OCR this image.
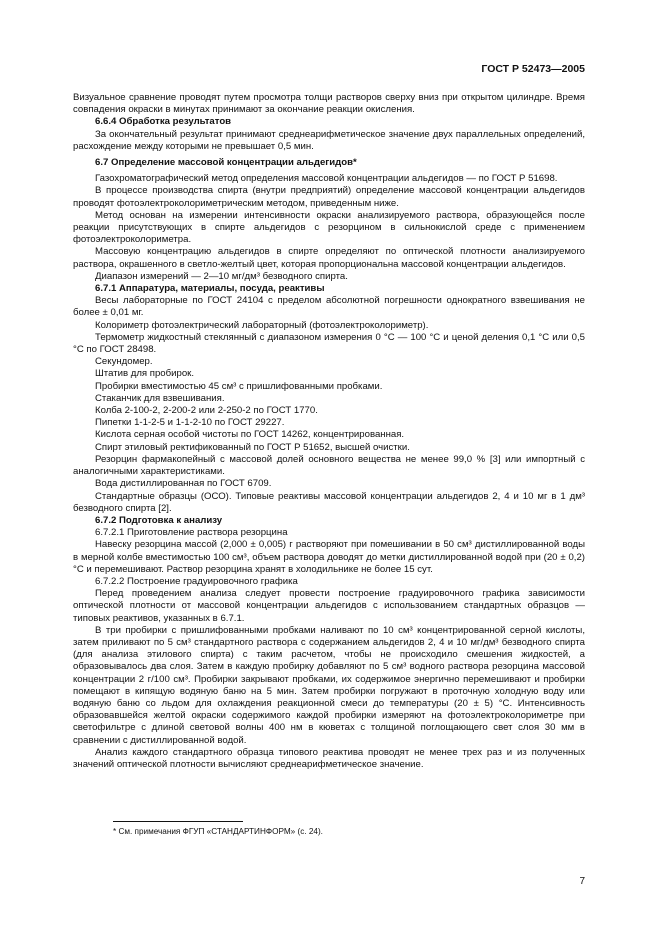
ГОСТ Р 52473—2005

Визуальное сравнение проводят путем просмотра толщи растворов сверху вниз при открытом цилиндре. Время совпадения окраски в минутах принимают за окончание реакции окисления.

6.6.4 Обработка результатов

За окончательный результат принимают среднеарифметическое значение двух параллельных определений, расхождение между которыми не превышает 0,5 мин.

6.7 Определение массовой концентрации альдегидов*

Газохроматографический метод определения массовой концентрации альдегидов — по ГОСТ Р 51698.

В процессе производства спирта (внутри предприятий) определение массовой концентрации альдегидов проводят фотоэлектроколориметрическим методом, приведенным ниже.

Метод основан на измерении интенсивности окраски анализируемого раствора, образующейся после реакции присутствующих в спирте альдегидов с резорцином в сильнокислой среде с применением фотоэлектроколориметра.

Массовую концентрацию альдегидов в спирте определяют по оптической плотности анализируемого раствора, окрашенного в светло-желтый цвет, которая пропорциональна массовой концентрации альдегидов.

Диапазон измерений — 2—10 мг/дм³ безводного спирта.

6.7.1 Аппаратура, материалы, посуда, реактивы

Весы лабораторные по ГОСТ 24104 с пределом абсолютной погрешности однократного взвешивания не более ± 0,01 мг.

Колориметр фотоэлектрический лабораторный (фотоэлектроколориметр).

Термометр жидкостный стеклянный с диапазоном измерения 0 °С — 100 °С и ценой деления 0,1 °С или 0,5 °С по ГОСТ 28498.

Секундомер.

Штатив для пробирок.

Пробирки вместимостью 45 см³ с пришлифованными пробками.

Стаканчик для взвешивания.

Колба 2-100-2, 2-200-2 или 2-250-2 по ГОСТ 1770.

Пипетки 1-1-2-5 и 1-1-2-10 по ГОСТ 29227.

Кислота серная особой чистоты по ГОСТ 14262, концентрированная.

Спирт этиловый ректификованный по ГОСТ Р 51652, высшей очистки.

Резорцин фармакопейный с массовой долей основного вещества не менее 99,0 % [3] или импортный с аналогичными характеристиками.

Вода дистиллированная по ГОСТ 6709.

Стандартные образцы (ОСО). Типовые реактивы массовой концентрации альдегидов 2, 4 и 10 мг в 1 дм³ безводного спирта [2].

6.7.2 Подготовка к анализу

6.7.2.1 Приготовление раствора резорцина

Навеску резорцина массой (2,000 ± 0,005) г растворяют при помешивании в 50 см³ дистиллированной воды в мерной колбе вместимостью 100 см³, объем раствора доводят до метки дистиллированной водой при (20 ± 0,2) °С и перемешивают. Раствор резорцина хранят в холодильнике не более 15 сут.

6.7.2.2 Построение градуировочного графика

Перед проведением анализа следует провести построение градуировочного графика зависимости оптической плотности от массовой концентрации альдегидов с использованием стандартных образцов — типовых реактивов, указанных в 6.7.1.

В три пробирки с пришлифованными пробками наливают по 10 см³ концентрированной серной кислоты, затем приливают по 5 см³ стандартного раствора с содержанием альдегидов 2, 4 и 10 мг/дм³ безводного спирта (для анализа этилового спирта) с таким расчетом, чтобы не происходило смешения жидкостей, а образовывалось два слоя. Затем в каждую пробирку добавляют по 5 см³ водного раствора резорцина массовой концентрации 2 г/100 см³. Пробирки закрывают пробками, их содержимое энергично перемешивают и пробирки помещают в кипящую водяную баню на 5 мин. Затем пробирки погружают в проточную холодную воду или водяную баню со льдом для охлаждения реакционной смеси до температуры (20 ± 5) °С. Интенсивность образовавшейся желтой окраски содержимого каждой пробирки измеряют на фотоэлектроколориметре при светофильтре с длиной световой волны 400 нм в кюветах с толщиной поглощающего свет слоя 30 мм в сравнении с дистиллированной водой.

Анализ каждого стандартного образца типового реактива проводят не менее трех раз и из полученных значений оптической плотности вычисляют среднеарифметическое значение.

* См. примечания ФГУП «СТАНДАРТИНФОРМ» (с. 24).
7
